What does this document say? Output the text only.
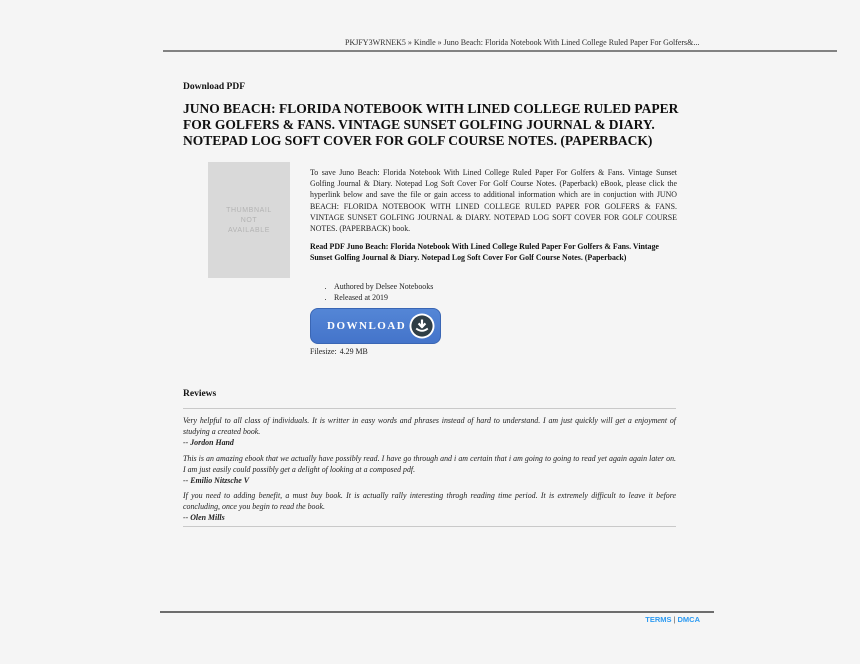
PKJFY3WRNEK5 » Kindle » Juno Beach: Florida Notebook With Lined College Ruled Paper For Golfers&...
Download PDF
JUNO BEACH: FLORIDA NOTEBOOK WITH LINED COLLEGE RULED PAPER FOR GOLFERS & FANS. VINTAGE SUNSET GOLFING JOURNAL & DIARY. NOTEPAD LOG SOFT COVER FOR GOLF COURSE NOTES. (PAPERBACK)
THUMBNAIL
NOT
AVAILABLE

To save Juno Beach: Florida Notebook With Lined College Ruled Paper For Golfers & Fans. Vintage Sunset Golfing Journal & Diary. Notepad Log Soft Cover For Golf Course Notes. (Paperback) eBook, please click the hyperlink below and save the file or gain access to additional information which are in conjuction with JUNO BEACH: FLORIDA NOTEBOOK WITH LINED COLLEGE RULED PAPER FOR GOLFERS & FANS. VINTAGE SUNSET GOLFING JOURNAL & DIARY. NOTEPAD LOG SOFT COVER FOR GOLF COURSE NOTES. (PAPERBACK) book.

Read PDF Juno Beach: Florida Notebook With Lined College Ruled Paper For Golfers & Fans. Vintage Sunset Golfing Journal & Diary. Notepad Log Soft Cover For Golf Course Notes. (Paperback)

• Authored by Delsee Notebooks
• Released at 2019
DOWNLOAD
Filesize: 4.29 MB
Reviews
Very helpful to all class of individuals. It is writter in easy words and phrases instead of hard to understand. I am just quickly will get a enjoyment of studying a created book.
-- Jordon Hand
This is an amazing ebook that we actually have possibly read. I have go through and i am certain that i am going to going to read yet again again later on. I am just easily could possibly get a delight of looking at a composed pdf.
-- Emilio Nitzsche V
If you need to adding benefit, a must buy book. It is actually rally interesting throgh reading time period. It is extremely difficult to leave it before concluding, once you begin to read the book.
-- Olen Mills
TERMS | DMCA
